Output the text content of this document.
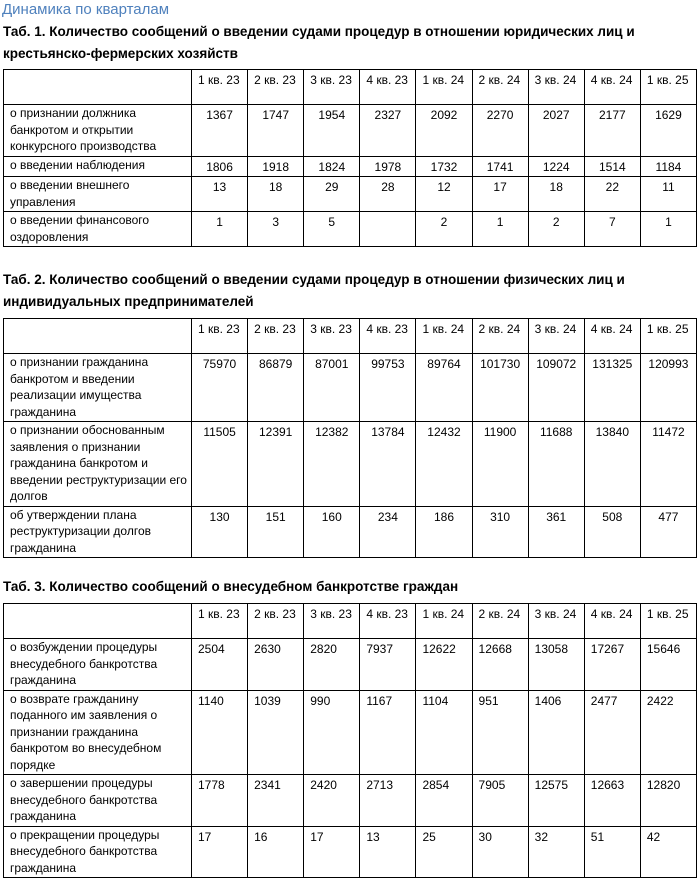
Динамика по кварталам
Таб. 1. Количество сообщений о введении судами процедур в отношении юридических лиц и крестьянско-фермерских хозяйств
	1 кв. 23	2 кв. 23	3 кв. 23	4 кв. 23	1 кв. 24	2 кв. 24	3 кв. 24	4 кв. 24	1 кв. 25
о признании должника банкротом и открытии конкурсного производства	1367	1747	1954	2327	2092	2270	2027	2177	1629
о введении наблюдения	1806	1918	1824	1978	1732	1741	1224	1514	1184
о введении внешнего управления	13	18	29	28	12	17	18	22	11
о введении финансового оздоровления	1	3	5		2	1	2	7	1
Таб. 2. Количество сообщений о введении судами процедур в отношении физических лиц и индивидуальных предпринимателей
	1 кв. 23	2 кв. 23	3 кв. 23	4 кв. 23	1 кв. 24	2 кв. 24	3 кв. 24	4 кв. 24	1 кв. 25
о признании гражданина банкротом и введении реализации имущества гражданина	75970	86879	87001	99753	89764	101730	109072	131325	120993
о признании обоснованным заявления о признании гражданина банкротом и введении реструктуризации его долгов	11505	12391	12382	13784	12432	11900	11688	13840	11472
об утверждении плана реструктуризации долгов гражданина	130	151	160	234	186	310	361	508	477
Таб. 3. Количество сообщений о внесудебном банкротстве граждан
	1 кв. 23	2 кв. 23	3 кв. 23	4 кв. 23	1 кв. 24	2 кв. 24	3 кв. 24	4 кв. 24	1 кв. 25
о возбуждении процедуры внесудебного банкротства гражданина	2504	2630	2820	7937	12622	12668	13058	17267	15646
о возврате гражданину поданного им заявления о признании гражданина банкротом во внесудебном порядке	1140	1039	990	1167	1104	951	1406	2477	2422
о завершении процедуры внесудебного банкротства гражданина	1778	2341	2420	2713	2854	7905	12575	12663	12820
о прекращении процедуры внесудебного банкротства гражданина	17	16	17	13	25	30	32	51	42
